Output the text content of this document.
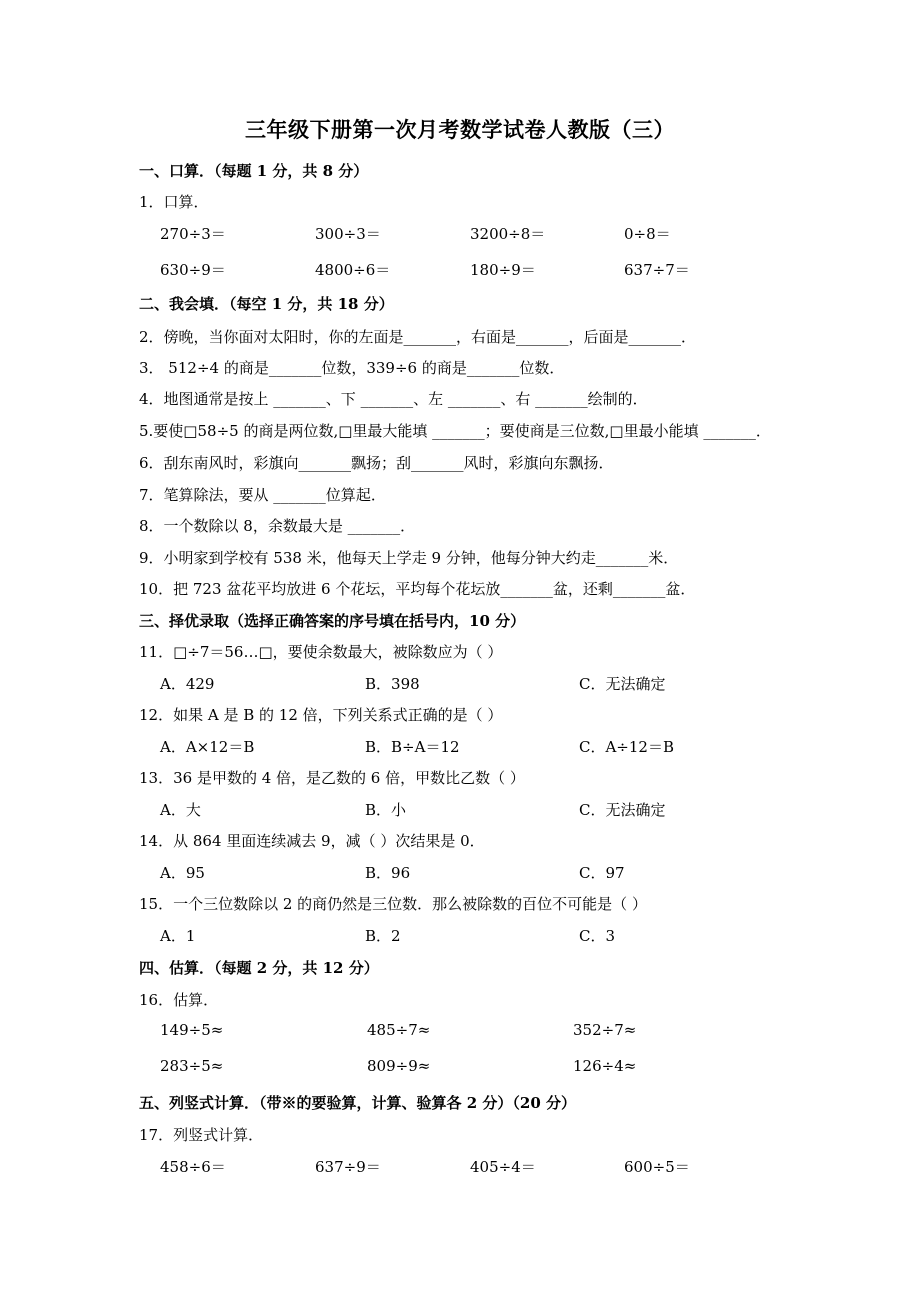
三年级下册第一次月考数学试卷人教版（三）
一、口算．（每题 1 分，共 8 分）
1．口算．
270÷3＝	300÷3＝	3200÷8＝	0÷8＝
630÷9＝	4800÷6＝	180÷9＝	637÷7＝
二、我会填．（每空 1 分，共 18 分）
2．傍晚，当你面对太阳时，你的左面是_______，右面是_______，后面是_______．
3． 512÷4 的商是_______位数，339÷6 的商是_______位数．
4．地图通常是按上 _______、下 _______、左 _______、右 _______绘制的．
5.要使□58÷5 的商是两位数,□里最大能填 _______；要使商是三位数,□里最小能填 _______．
6．刮东南风时，彩旗向_______飘扬；刮_______风时，彩旗向东飘扬．
7．笔算除法，要从 _______位算起．
8．一个数除以 8，余数最大是 _______．
9．小明家到学校有 538 米，他每天上学走 9 分钟，他每分钟大约走_______米．
10．把 723 盆花平均放进 6 个花坛，平均每个花坛放_______盆，还剩_______盆．
三、择优录取（选择正确答案的序号填在括号内，10 分）
11．□÷7＝56…□，要使余数最大，被除数应为（ ）
A．429	B．398	C．无法确定
12．如果 A 是 B 的 12 倍，下列关系式正确的是（ ）
A．A×12＝B	B．B÷A＝12	C．A÷12＝B
13．36 是甲数的 4 倍，是乙数的 6 倍，甲数比乙数（ ）
A．大	B．小	C．无法确定
14．从 864 里面连续减去 9，减（ ）次结果是 0．
A．95	B．96	C．97
15．一个三位数除以 2 的商仍然是三位数．那么被除数的百位不可能是（ ）
A．1	B．2	C．3
四、估算．（每题 2 分，共 12 分）
16．估算．
149÷5≈	485÷7≈	352÷7≈
283÷5≈	809÷9≈	126÷4≈
五、列竖式计算．（带※的要验算，计算、验算各 2 分）（20 分）
17．列竖式计算．
458÷6＝	637÷9＝	405÷4＝	600÷5＝
